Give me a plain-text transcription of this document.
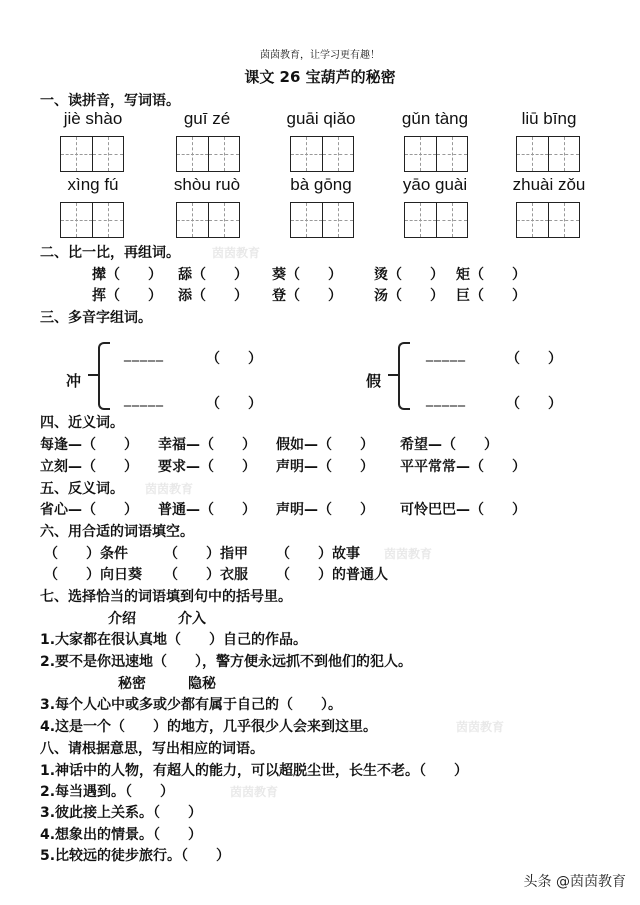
茵茵教育，让学习更有趣！
课文 26 宝葫芦的秘密
一、读拼音，写词语。
jiè shào	guī zé	guāi qiǎo	gǔn tàng	liū bīng
xìng fú	shòu ruò	bà gōng	yāo guài	zhuài zǒu
二、比一比，再组词。	茵茵教育
撵（　　） 舔（　　） 葵（　　） 烫（　　） 矩（　　）
挥（　　） 添（　　） 登（　　） 汤（　　） 巨（　　）
三、多音字组词。
冲
_____	（　　）
_____	（　　）
假
_____	（　　）
_____	（　　）
四、近义词。
每逢—（　　） 幸福—（　　） 假如—（　　） 希望—（　　）
立刻—（　　） 要求—（　　） 声明—（　　） 平平常常—（　　）
五、反义词。 茵茵教育
省心—（　　） 普通—（　　） 声明—（　　） 可怜巴巴—（　　）
六、用合适的词语填空。
（　　）条件	（　　）指甲 （　　）故事 茵茵教育
（　　）向日葵 （　　）衣服 （　　）的普通人
七、选择恰当的词语填到句中的括号里。
介绍	介入
1.大家都在很认真地（　　）自己的作品。
2.要不是你迅速地（　　），警方便永远抓不到他们的犯人。
秘密	隐秘
3.每个人心中或多或少都有属于自己的（　　）。
4.这是一个（　　）的地方，几乎很少人会来到这里。	茵茵教育
八、请根据意思，写出相应的词语。
1.神话中的人物，有超人的能力，可以超脱尘世，长生不老。（　　）
2.每当遇到。（　　）	茵茵教育
3.彼此接上关系。（　　）
4.想象出的情景。（　　）
5.比较远的徒步旅行。（　　）
头条 @茵茵教育
